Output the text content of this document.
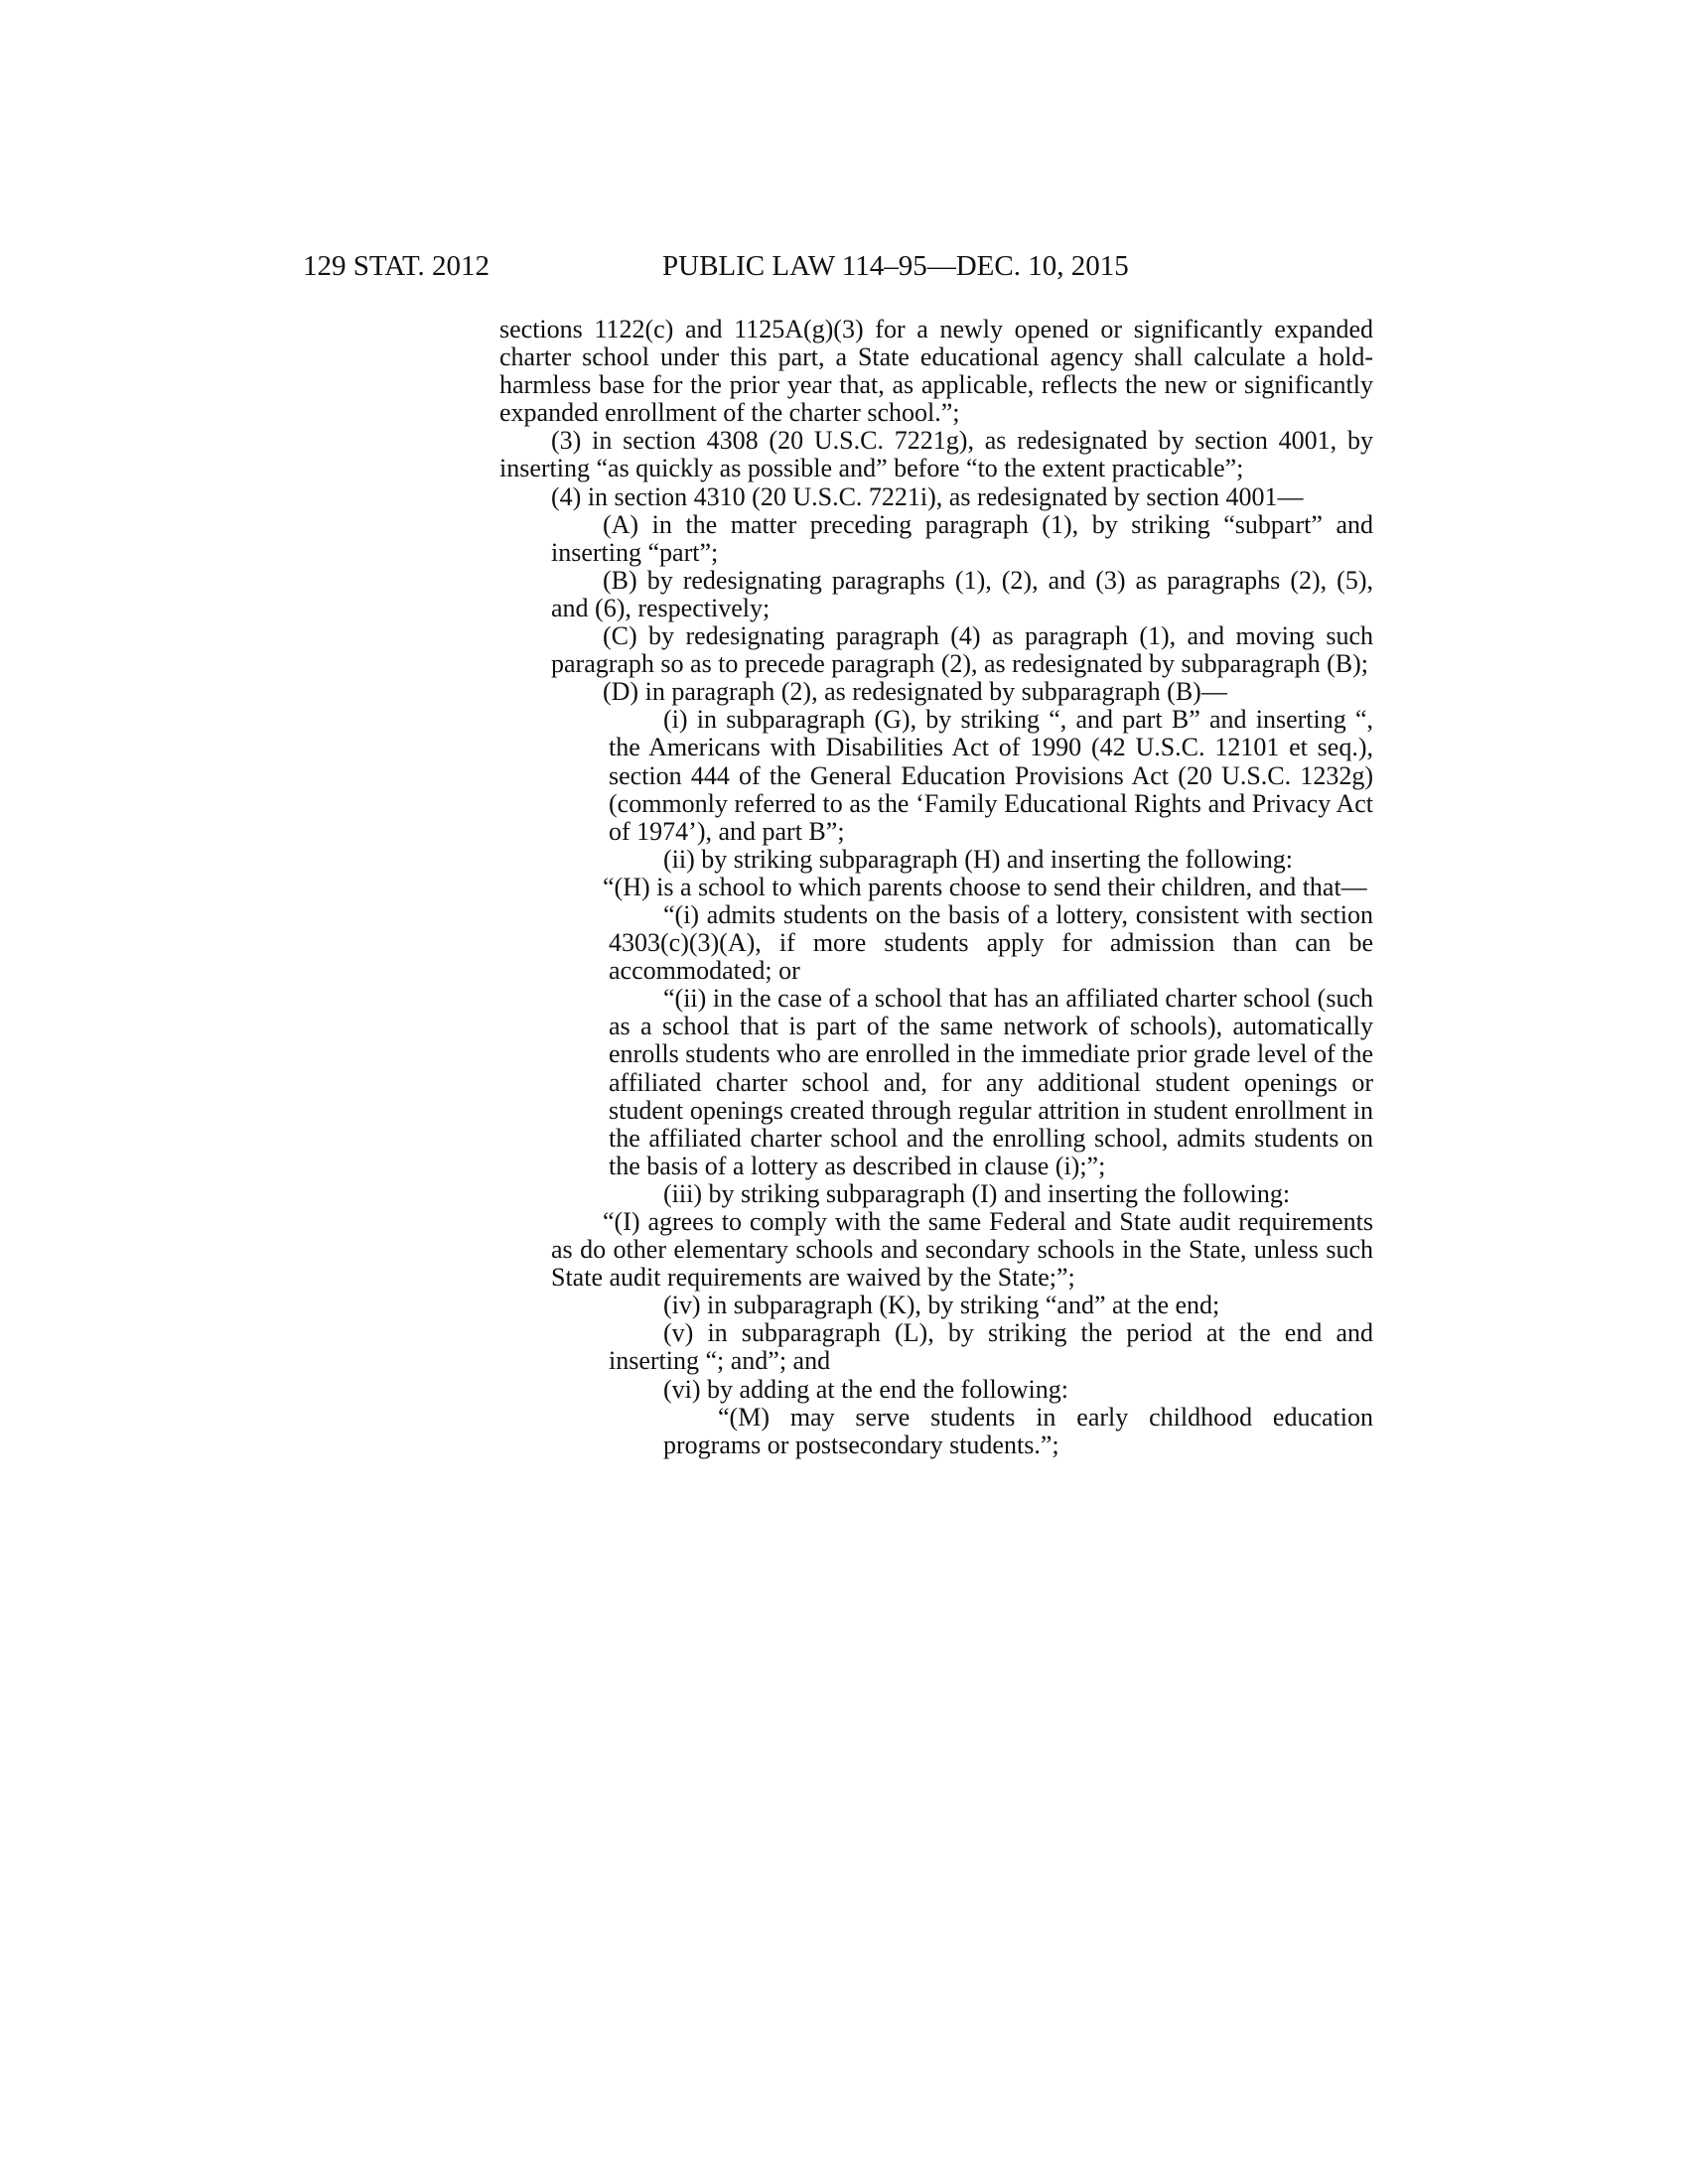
129 STAT. 2012	PUBLIC LAW 114–95—DEC. 10, 2015

sections 1122(c) and 1125A(g)(3) for a newly opened or significantly expanded charter school under this part, a State educational agency shall calculate a hold-harmless base for the prior year that, as applicable, reflects the new or significantly expanded enrollment of the charter school.”;

(3) in section 4308 (20 U.S.C. 7221g), as redesignated by section 4001, by inserting “as quickly as possible and” before “to the extent practicable”;

(4) in section 4310 (20 U.S.C. 7221i), as redesignated by section 4001—

(A) in the matter preceding paragraph (1), by striking “subpart” and inserting “part”;

(B) by redesignating paragraphs (1), (2), and (3) as paragraphs (2), (5), and (6), respectively;

(C) by redesignating paragraph (4) as paragraph (1), and moving such paragraph so as to precede paragraph (2), as redesignated by subparagraph (B);

(D) in paragraph (2), as redesignated by subparagraph (B)—

(i) in subparagraph (G), by striking “, and part B” and inserting “, the Americans with Disabilities Act of 1990 (42 U.S.C. 12101 et seq.), section 444 of the General Education Provisions Act (20 U.S.C. 1232g) (commonly referred to as the ‘Family Educational Rights and Privacy Act of 1974’), and part B”;

(ii) by striking subparagraph (H) and inserting the following:

“(H) is a school to which parents choose to send their children, and that—

“(i) admits students on the basis of a lottery, consistent with section 4303(c)(3)(A), if more students apply for admission than can be accommodated; or

“(ii) in the case of a school that has an affiliated charter school (such as a school that is part of the same network of schools), automatically enrolls students who are enrolled in the immediate prior grade level of the affiliated charter school and, for any additional student openings or student openings created through regular attrition in student enrollment in the affiliated charter school and the enrolling school, admits students on the basis of a lottery as described in clause (i);”;

(iii) by striking subparagraph (I) and inserting the following:

“(I) agrees to comply with the same Federal and State audit requirements as do other elementary schools and secondary schools in the State, unless such State audit requirements are waived by the State;”;

(iv) in subparagraph (K), by striking “and” at the end;

(v) in subparagraph (L), by striking the period at the end and inserting “; and”; and

(vi) by adding at the end the following:

“(M) may serve students in early childhood education programs or postsecondary students.”;
